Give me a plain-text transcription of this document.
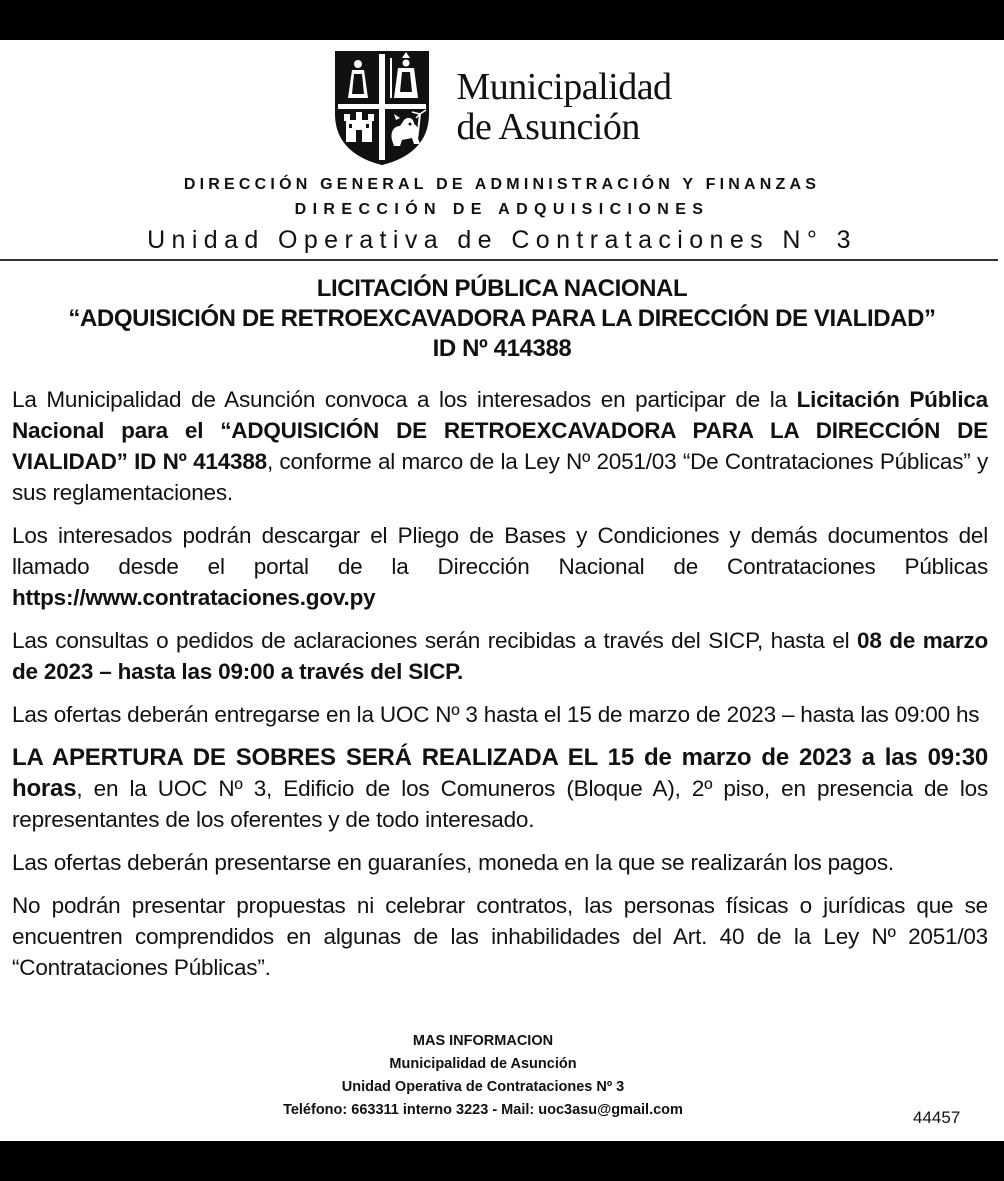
Municipalidad
de Asunción
DIRECCIÓN GENERAL DE ADMINISTRACIÓN Y FINANZAS
DIRECCIÓN DE ADQUISICIONES
Unidad Operativa de Contrataciones N° 3
LICITACIÓN PÚBLICA NACIONAL
“ADQUISICIÓN DE RETROEXCAVADORA PARA LA DIRECCIÓN DE VIALIDAD”
ID Nº 414388

La Municipalidad de Asunción convoca a los interesados en participar de la Licitación Pública Nacional para el “ADQUISICIÓN DE RETROEXCAVADORA PARA LA DIRECCIÓN DE VIALIDAD” ID Nº 414388, conforme al marco de la Ley Nº 2051/03 “De Contrataciones Públicas” y sus reglamentaciones.

Los interesados podrán descargar el Pliego de Bases y Condiciones y demás documentos del llamado desde el portal de la Dirección Nacional de Contrataciones Públicas https://www.contrataciones.gov.py

Las consultas o pedidos de aclaraciones serán recibidas a través del SICP, hasta el 08 de marzo de 2023 – hasta las 09:00 a través del SICP.

Las ofertas deberán entregarse en la UOC Nº 3 hasta el 15 de marzo de 2023 – hasta las 09:00 hs

LA APERTURA DE SOBRES SERÁ REALIZADA EL 15 de marzo de 2023 a las 09:30 horas, en la UOC Nº 3, Edificio de los Comuneros (Bloque A), 2º piso, en presencia de los representantes de los oferentes y de todo interesado.

Las ofertas deberán presentarse en guaraníes, moneda en la que se realizarán los pagos.

No podrán presentar propuestas ni celebrar contratos, las personas físicas o jurídicas que se encuentren comprendidos en algunas de las inhabilidades del Art. 40 de la Ley Nº 2051/03 “Contrataciones Públicas”.

MAS INFORMACION
Municipalidad de Asunción
Unidad Operativa de Contrataciones Nº 3
Teléfono: 663311 interno 3223 - Mail: uoc3asu@gmail.com	44457
